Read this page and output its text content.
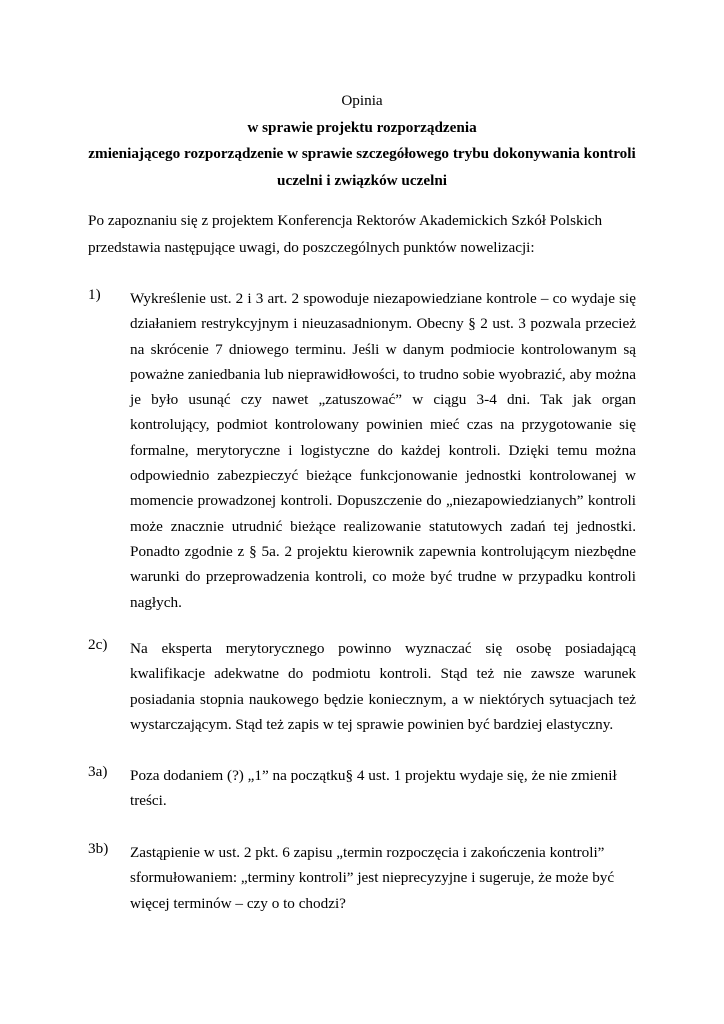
Opinia
w sprawie projektu rozporządzenia
zmieniającego rozporządzenie w sprawie szczegółowego trybu dokonywania kontroli
uczelni i związków uczelni
Po zapoznaniu się z projektem Konferencja Rektorów Akademickich Szkół Polskich
przedstawia następujące uwagi, do poszczególnych punktów nowelizacji:
1)	Wykreślenie ust. 2 i 3 art. 2 spowoduje niezapowiedziane kontrole – co wydaje się
działaniem restrykcyjnym i nieuzasadnionym. Obecny § 2 ust. 3 pozwala przecież
na skrócenie 7 dniowego terminu. Jeśli w danym podmiocie kontrolowanym są
poważne zaniedbania lub nieprawidłowości, to trudno sobie wyobrazić, aby można
je było usunąć czy nawet „zatuszować” w ciągu 3-4 dni. Tak jak organ
kontrolujący, podmiot kontrolowany powinien mieć czas na przygotowanie się
formalne, merytoryczne i logistyczne do każdej kontroli. Dzięki temu można
odpowiednio zabezpieczyć bieżące funkcjonowanie jednostki kontrolowanej w
momencie prowadzonej kontroli. Dopuszczenie do „niezapowiedzianych” kontroli
może znacznie utrudnić bieżące realizowanie statutowych zadań tej jednostki.
Ponadto zgodnie z § 5a. 2 projektu kierownik zapewnia kontrolującym niezbędne
warunki do przeprowadzenia kontroli, co może być trudne w przypadku kontroli
nagłych.
2c)	Na eksperta merytorycznego powinno wyznaczać się osobę posiadającą
kwalifikacje adekwatne do podmiotu kontroli. Stąd też nie zawsze warunek
posiadania stopnia naukowego będzie koniecznym, a w niektórych sytuacjach też
wystarczającym. Stąd też zapis w tej sprawie powinien być bardziej elastyczny.
3a)	Poza dodaniem (?) „1” na początku§ 4 ust. 1 projektu wydaje się, że nie zmienił
treści.
3b)	Zastąpienie w ust. 2 pkt. 6 zapisu „termin rozpoczęcia i zakończenia kontroli”
sformułowaniem: „terminy kontroli” jest nieprecyzyjne i sugeruje, że może być
więcej terminów – czy o to chodzi?
